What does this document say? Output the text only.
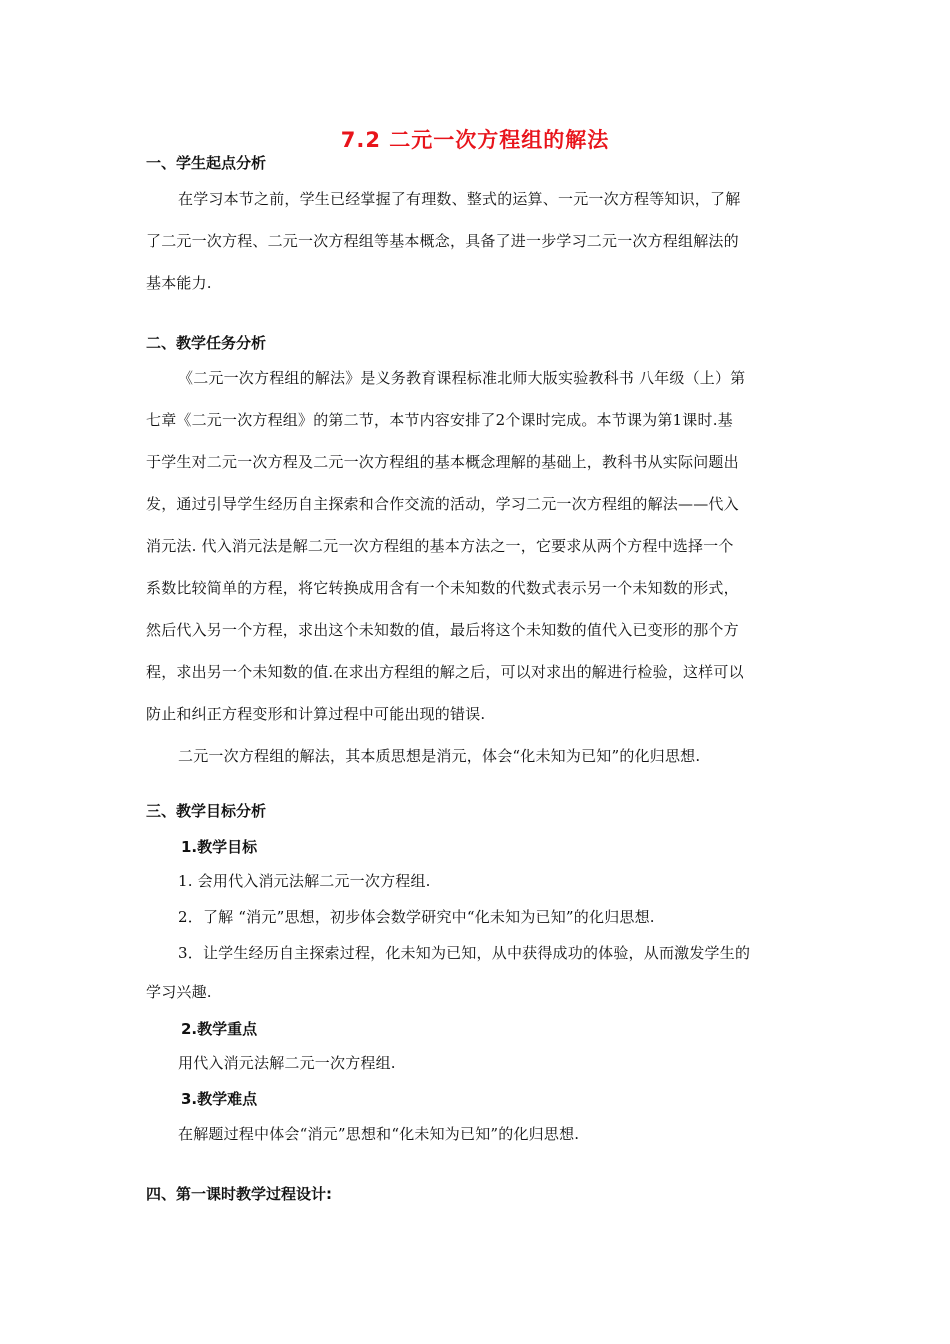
7.2 二元一次方程组的解法
一、学生起点分析
在学习本节之前，学生已经掌握了有理数、整式的运算、一元一次方程等知识，了解
了二元一次方程、二元一次方程组等基本概念，具备了进一步学习二元一次方程组解法的
基本能力.
二、教学任务分析
《二元一次方程组的解法》是义务教育课程标准北师大版实验教科书 八年级（上）第
七章《二元一次方程组》的第二节，本节内容安排了2个课时完成。本节课为第1课时.基
于学生对二元一次方程及二元一次方程组的基本概念理解的基础上，教科书从实际问题出
发，通过引导学生经历自主探索和合作交流的活动，学习二元一次方程组的解法——代入
消元法. 代入消元法是解二元一次方程组的基本方法之一，它要求从两个方程中选择一个
系数比较简单的方程，将它转换成用含有一个未知数的代数式表示另一个未知数的形式，
然后代入另一个方程，求出这个未知数的值，最后将这个未知数的值代入已变形的那个方
程，求出另一个未知数的值.在求出方程组的解之后，可以对求出的解进行检验，这样可以
防止和纠正方程变形和计算过程中可能出现的错误.
二元一次方程组的解法，其本质思想是消元，体会“化未知为已知”的化归思想.
三、教学目标分析
1.教学目标
1. 会用代入消元法解二元一次方程组.
2．了解 “消元”思想，初步体会数学研究中“化未知为已知”的化归思想.
3．让学生经历自主探索过程，化未知为已知，从中获得成功的体验，从而激发学生的
学习兴趣.
2.教学重点
用代入消元法解二元一次方程组.
3.教学难点
在解题过程中体会“消元”思想和“化未知为已知”的化归思想.
四、第一课时教学过程设计:
